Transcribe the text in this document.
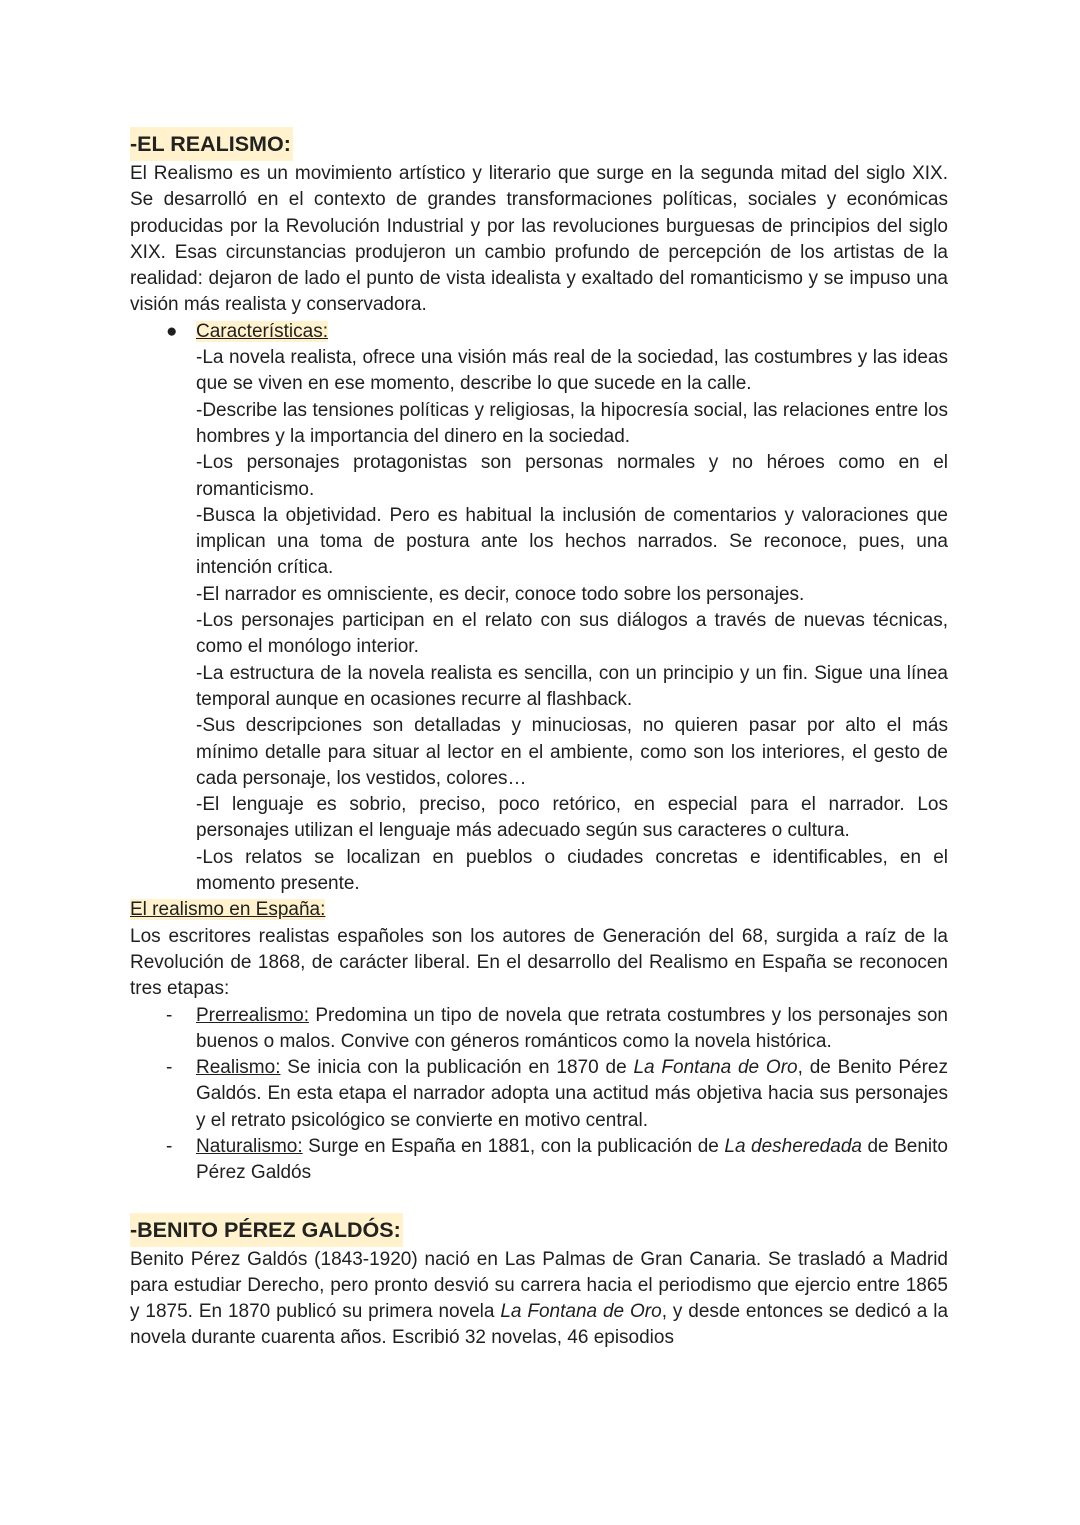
-EL REALISMO:
El Realismo es un movimiento artístico y literario que surge en la segunda mitad del siglo XIX. Se desarrolló en el contexto de grandes transformaciones políticas, sociales y económicas producidas por la Revolución Industrial y por las revoluciones burguesas de principios del siglo XIX. Esas circunstancias produjeron un cambio profundo de percepción de los artistas de la realidad: dejaron de lado el punto de vista idealista y exaltado del romanticismo y se impuso una visión más realista y conservadora.
● Características:
-La novela realista, ofrece una visión más real de la sociedad, las costumbres y las ideas que se viven en ese momento, describe lo que sucede en la calle.
-Describe las tensiones políticas y religiosas, la hipocresía social, las relaciones entre los hombres y la importancia del dinero en la sociedad.
-Los personajes protagonistas son personas normales y no héroes como en el romanticismo.
-Busca la objetividad. Pero es habitual la inclusión de comentarios y valoraciones que implican una toma de postura ante los hechos narrados. Se reconoce, pues, una intención crítica.
-El narrador es omnisciente, es decir, conoce todo sobre los personajes.
-Los personajes participan en el relato con sus diálogos a través de nuevas técnicas, como el monólogo interior.
-La estructura de la novela realista es sencilla, con un principio y un fin. Sigue una línea temporal aunque en ocasiones recurre al flashback.
-Sus descripciones son detalladas y minuciosas, no quieren pasar por alto el más mínimo detalle para situar al lector en el ambiente, como son los interiores, el gesto de cada personaje, los vestidos, colores…
-El lenguaje es sobrio, preciso, poco retórico, en especial para el narrador. Los personajes utilizan el lenguaje más adecuado según sus caracteres o cultura.
-Los relatos se localizan en pueblos o ciudades concretas e identificables, en el momento presente.
El realismo en España:
Los escritores realistas españoles son los autores de Generación del 68, surgida a raíz de la Revolución de 1868, de carácter liberal. En el desarrollo del Realismo en España se reconocen tres etapas:
- Prerrealismo: Predomina un tipo de novela que retrata costumbres y los personajes son buenos o malos. Convive con géneros románticos como la novela histórica.
- Realismo: Se inicia con la publicación en 1870 de La Fontana de Oro, de Benito Pérez Galdós. En esta etapa el narrador adopta una actitud más objetiva hacia sus personajes y el retrato psicológico se convierte en motivo central.
- Naturalismo: Surge en España en 1881, con la publicación de La desheredada de Benito Pérez Galdós
-BENITO PÉREZ GALDÓS:
Benito Pérez Galdós (1843-1920) nació en Las Palmas de Gran Canaria. Se trasladó a Madrid para estudiar Derecho, pero pronto desvió su carrera hacia el periodismo que ejercio entre 1865 y 1875. En 1870 publicó su primera novela La Fontana de Oro, y desde entonces se dedicó a la novela durante cuarenta años. Escribió 32 novelas, 46 episodios
